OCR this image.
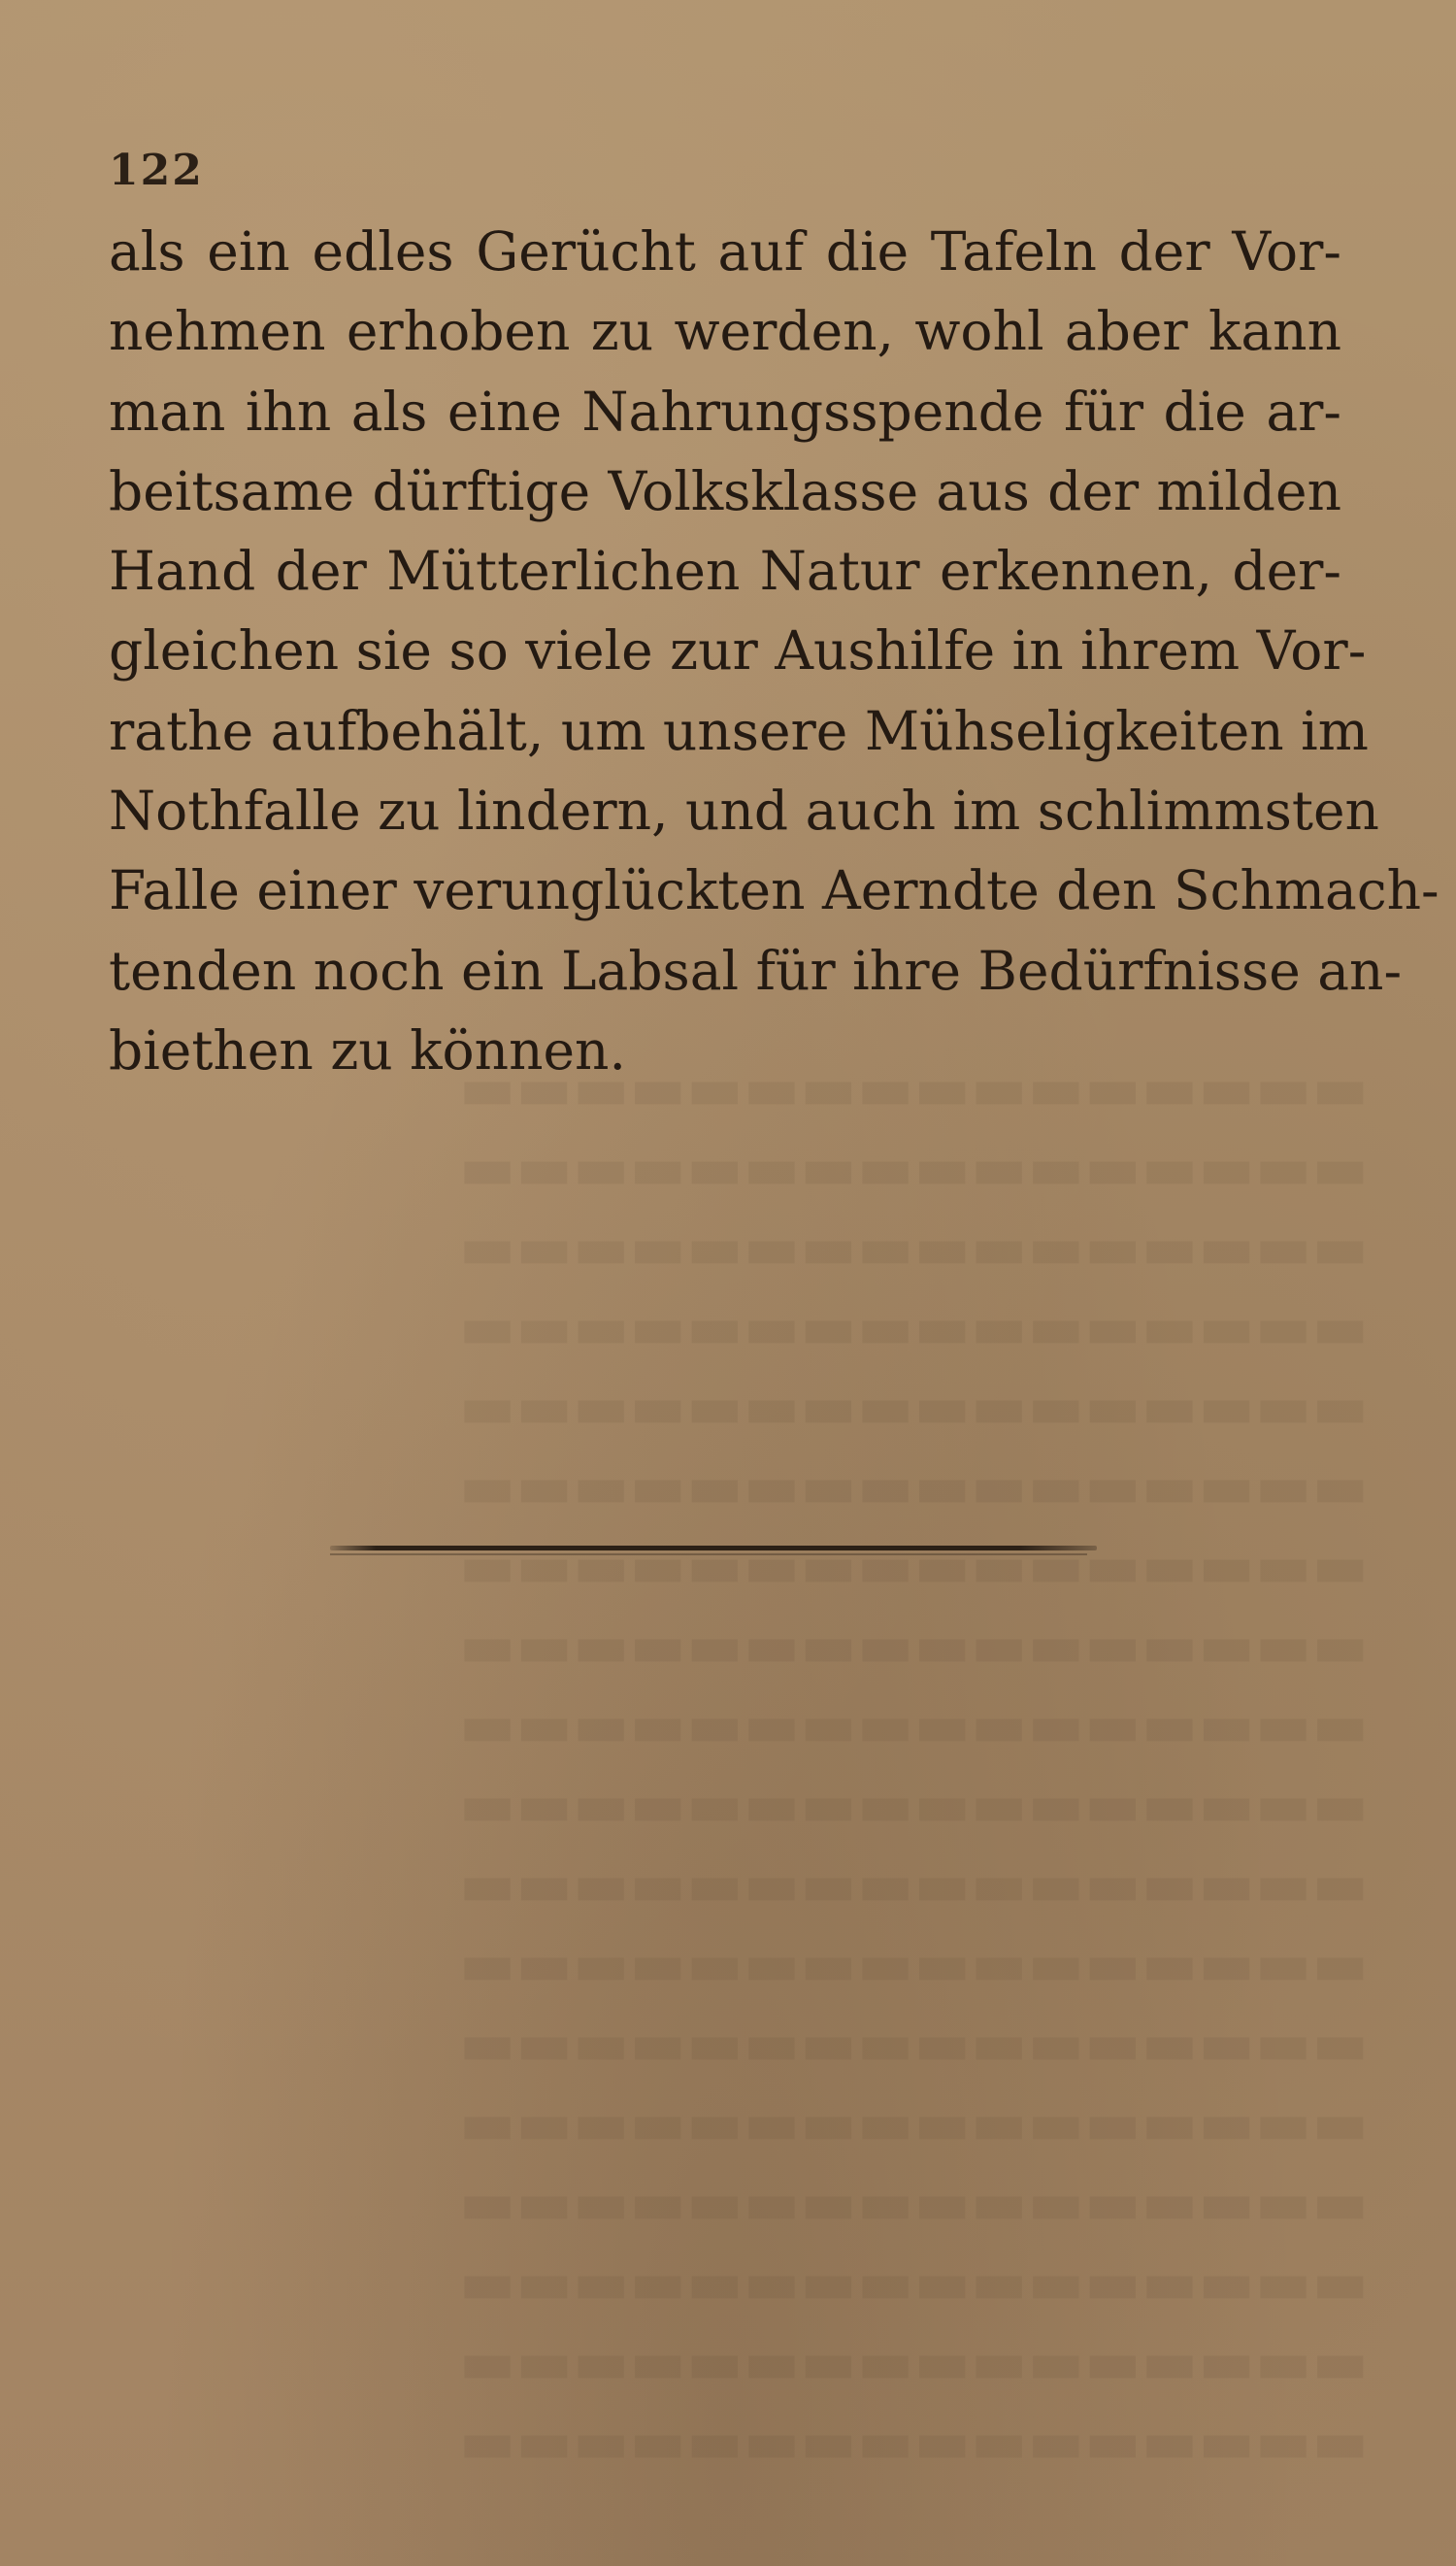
▬▬▬▬▬▬▬▬▬▬▬▬▬▬▬▬
▬▬▬▬▬▬▬▬▬▬▬▬▬▬▬▬
▬▬▬▬▬▬▬▬▬▬▬▬▬▬▬▬
▬▬▬▬▬▬▬▬▬▬▬▬▬▬▬▬
▬▬▬▬▬▬▬▬▬▬▬▬▬▬▬▬
▬▬▬▬▬▬▬▬▬▬▬▬▬▬▬▬
▬▬▬▬▬▬▬▬▬▬▬▬▬▬▬▬
▬▬▬▬▬▬▬▬▬▬▬▬▬▬▬▬
▬▬▬▬▬▬▬▬▬▬▬▬▬▬▬▬
▬▬▬▬▬▬▬▬▬▬▬▬▬▬▬▬
▬▬▬▬▬▬▬▬▬▬▬▬▬▬▬▬
▬▬▬▬▬▬▬▬▬▬▬▬▬▬▬▬
▬▬▬▬▬▬▬▬▬▬▬▬▬▬▬▬
▬▬▬▬▬▬▬▬▬▬▬▬▬▬▬▬
▬▬▬▬▬▬▬▬▬▬▬▬▬▬▬▬
▬▬▬▬▬▬▬▬▬▬▬▬▬▬▬▬
▬▬▬▬▬▬▬▬▬▬▬▬▬▬▬▬
▬▬▬▬▬▬▬▬▬▬▬▬▬▬▬▬
122
als ein edles Gerücht auf die Tafeln der Vor-
nehmen erhoben zu werden, wohl aber kann
man ihn als eine Nahrungsspende für die ar-
beitsame dürftige Volksklasse aus der milden
Hand der Mütterlichen Natur erkennen, der-
gleichen sie so viele zur Aushilfe in ihrem Vor-
rathe aufbehält, um unsere Mühseligkeiten im
Nothfalle zu lindern, und auch im schlimmsten
Falle einer verunglückten Aerndte den Schmach-
tenden noch ein Labsal für ihre Bedürfnisse an-
biethen zu können.
